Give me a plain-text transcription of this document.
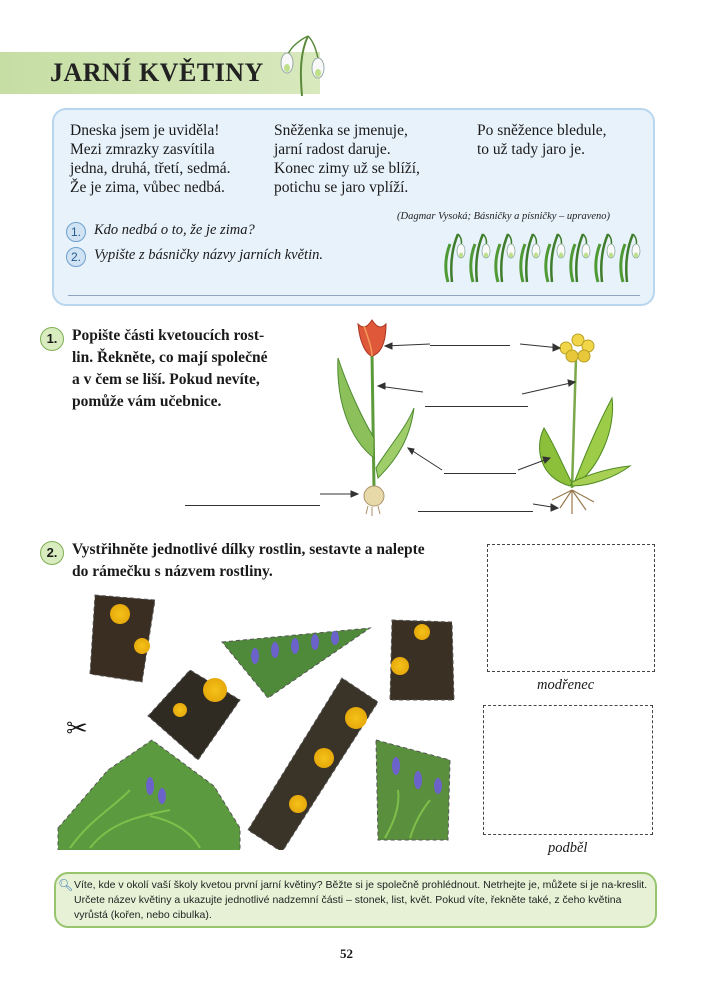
JARNÍ KVĚTINY
Dneska jsem je uviděla!
Mezi zmrazky zasvítila
jedna, druhá, třetí, sedmá.
Že je zima, vůbec nedbá.
Sněženka se jmenuje,
jarní radost daruje.
Konec zimy už se blíží,
potichu se jaro vplíží.
Po sněžence bledule,
to už tady jaro je.
(Dagmar Vysoká; Básničky a písničky – upraveno)
1. Kdo nedbá o to, že je zima?
2. Vypište z básničky názvy jarních květin.
1. Popište části kvetoucích rost-
lin. Řekněte, co mají společné
a v čem se liší. Pokud nevíte,
pomůže vám učebnice.
2. Vystřihněte jednotlivé dílky rostlin, sestavte a nalepte
do rámečku s názvem rostliny.
✂
modřenec
podběl
🔍︎ Víte, kde v okolí vaší školy kvetou první jarní květiny? Běžte si je společně prohlédnout. Netrhejte je, můžete si je na-kreslit. Určete název květiny a ukazujte jednotlivé nadzemní části – stonek, list, květ. Pokud víte, řekněte také, z čeho květina vyrůstá (kořen, nebo cibulka).
52
